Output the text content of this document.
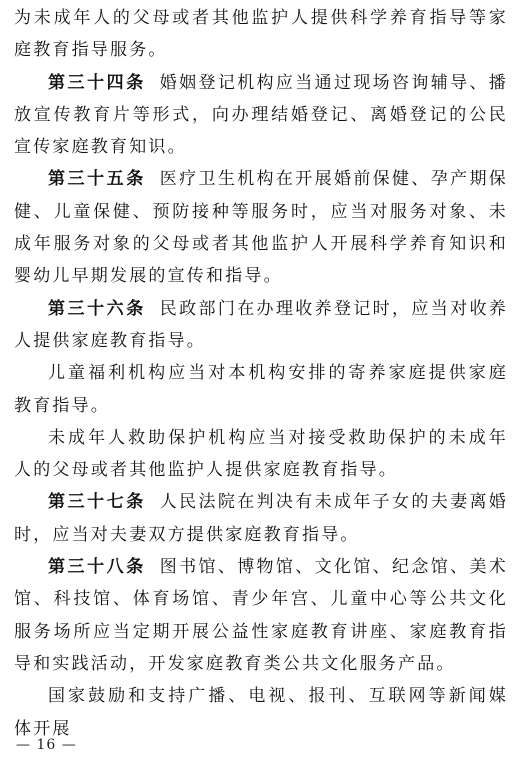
为未成年人的父母或者其他监护人提供科学养育指导等家庭教育指导服务。

第三十四条 婚姻登记机构应当通过现场咨询辅导、播放宣传教育片等形式，向办理结婚登记、离婚登记的公民宣传家庭教育知识。

第三十五条 医疗卫生机构在开展婚前保健、孕产期保健、儿童保健、预防接种等服务时，应当对服务对象、未成年服务对象的父母或者其他监护人开展科学养育知识和婴幼儿早期发展的宣传和指导。

第三十六条 民政部门在办理收养登记时，应当对收养人提供家庭教育指导。

儿童福利机构应当对本机构安排的寄养家庭提供家庭教育指导。

未成年人救助保护机构应当对接受救助保护的未成年人的父母或者其他监护人提供家庭教育指导。

第三十七条 人民法院在判决有未成年子女的夫妻离婚时，应当对夫妻双方提供家庭教育指导。

第三十八条 图书馆、博物馆、文化馆、纪念馆、美术馆、科技馆、体育场馆、青少年宫、儿童中心等公共文化服务场所应当定期开展公益性家庭教育讲座、家庭教育指导和实践活动，开发家庭教育类公共文化服务产品。

国家鼓励和支持广播、电视、报刊、互联网等新闻媒体开展

— 16 —
